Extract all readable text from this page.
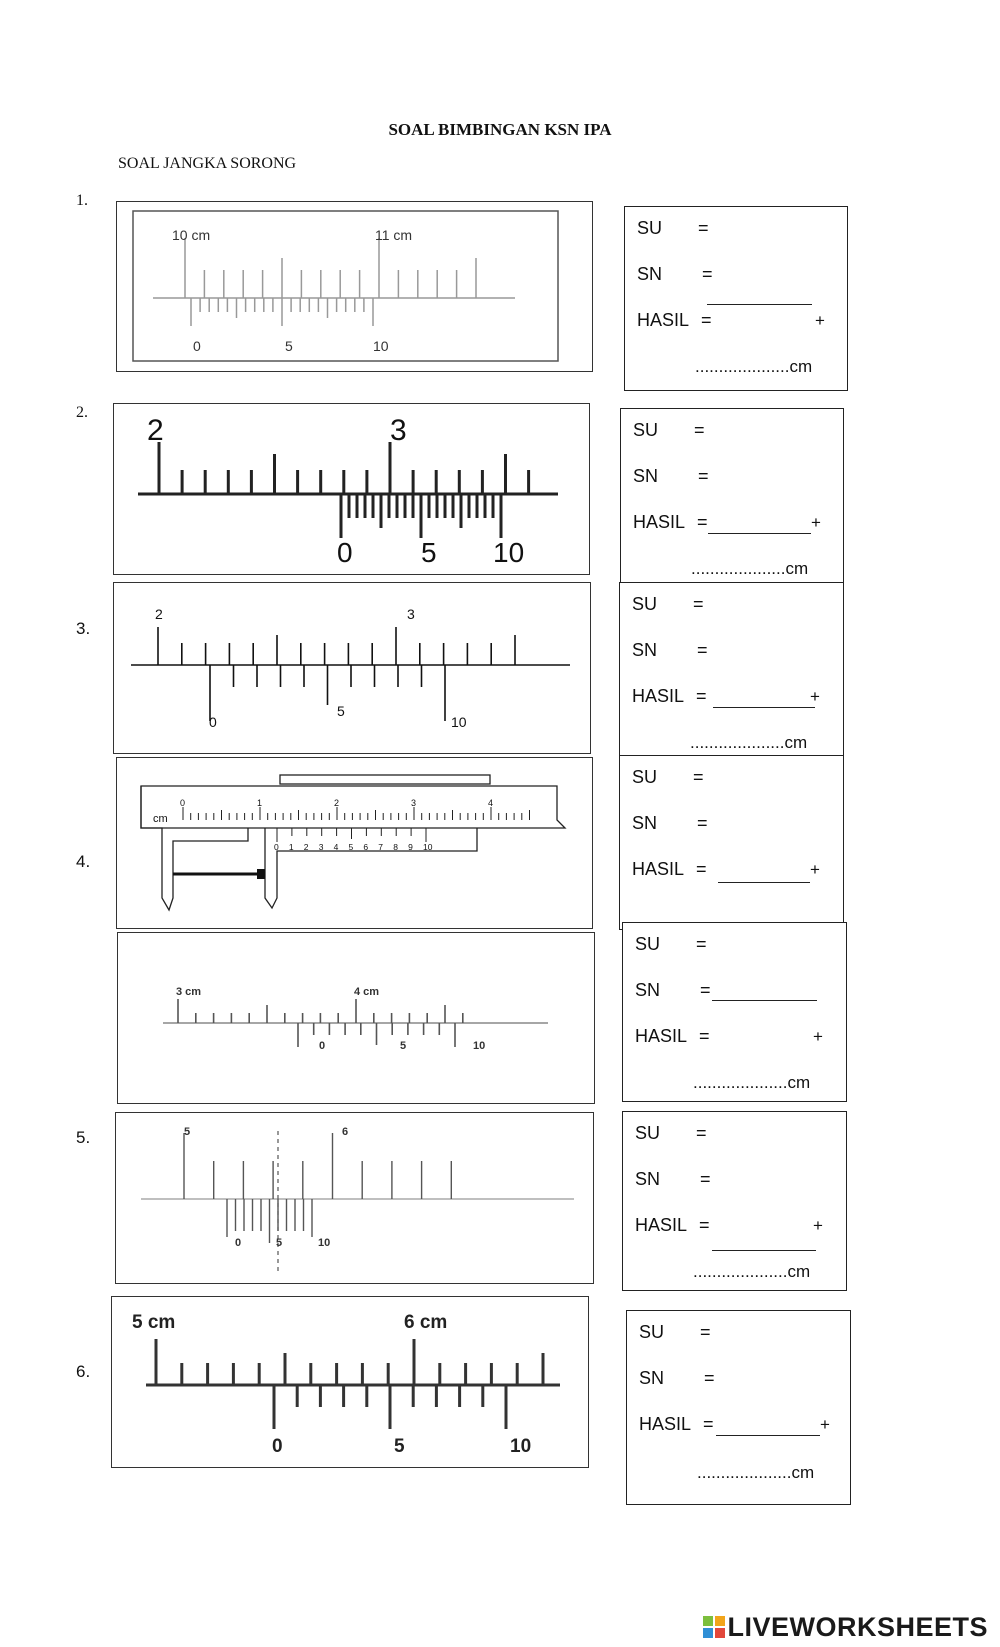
SOAL BIMBINGAN KSN IPA
SOAL JANGKA SORONG
1.
2.
3.
4.
5.
6.
10 cm	11 cm
0	5	10
SU =
SN =
HASIL =	+
....................cm
2	3
0 5 10
SU =
SN =
HASIL =	+
....................cm
2	3
0
5
10
SU =
SN =
HASIL =	+
....................cm
cm
0	1	2	3	4
0 1 2 3 4 5 6 7 8 9 10
SU =
SN =
HASIL =	+
3 cm	4 cm
0	5	10
SU =
SN =
HASIL =	+
....................cm
5	6
0	5	10
SU =
SN =
HASIL =	+
....................cm
5 cm	6 cm
0	5	10
SU =
SN =
HASIL =	+
....................cm
LIVEWORKSHEETS
